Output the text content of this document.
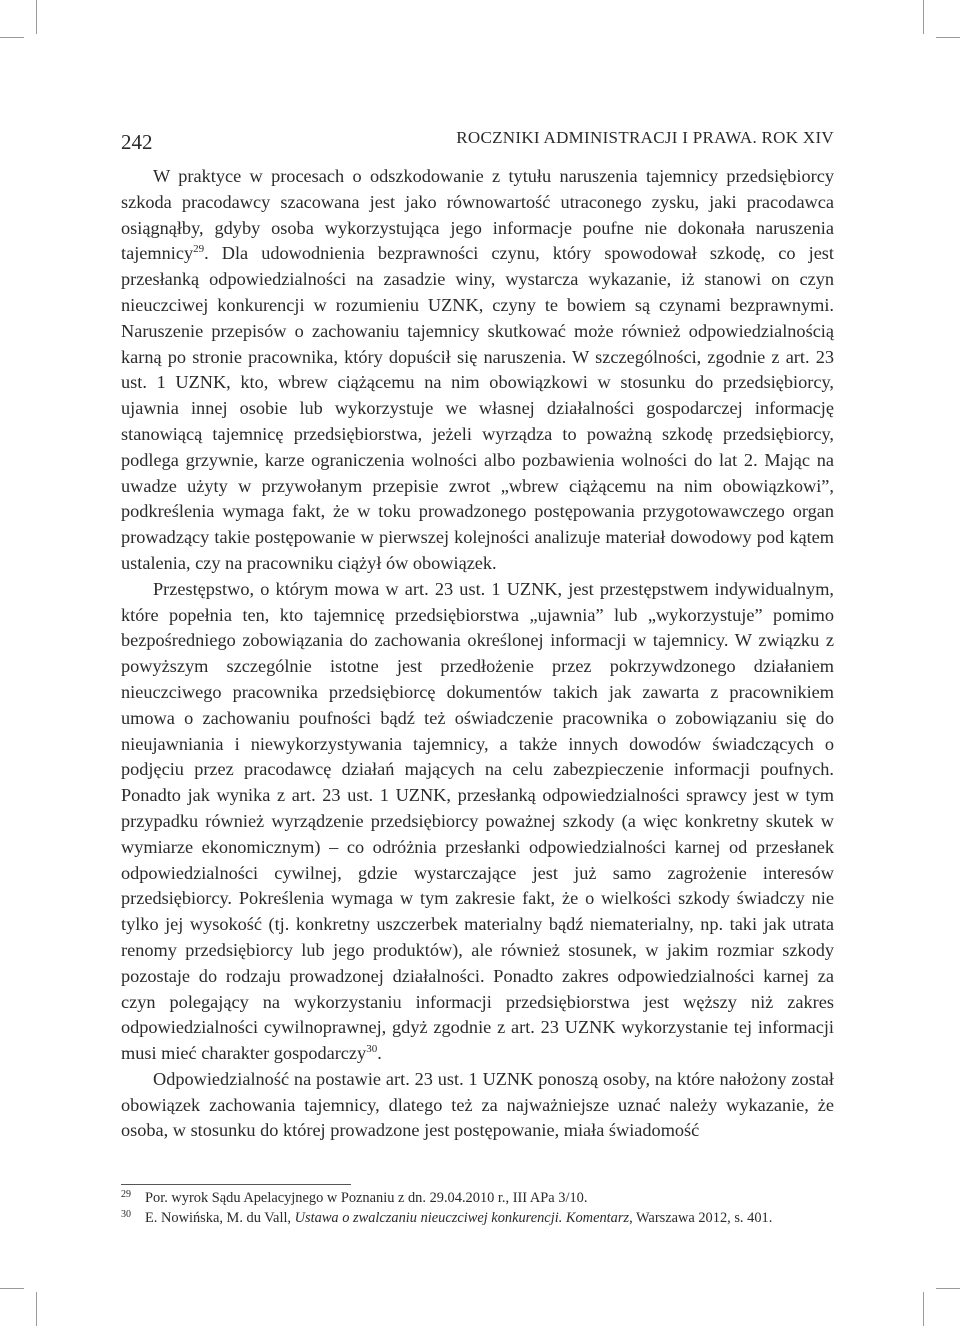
242	ROCZNIKI ADMINISTRACJI I PRAWA. ROK XIV

W praktyce w procesach o odszkodowanie z tytułu naruszenia tajemnicy przedsiębiorcy szkoda pracodawcy szacowana jest jako równowartość utraconego zysku, jaki pracodawca osiągnąłby, gdyby osoba wykorzystująca jego informacje poufne nie dokonała naruszenia tajemnicy$^{29}$. Dla udowodnienia bezprawności czynu, który spowodował szkodę, co jest przesłanką odpowiedzialności na zasadzie winy, wystarcza wykazanie, iż stanowi on czyn nieuczciwej konkurencji w rozumieniu UZNK, czyny te bowiem są czynami bezprawnymi. Naruszenie przepisów o zachowaniu tajemnicy skutkować może również odpowiedzialnością karną po stronie pracownika, który dopuścił się naruszenia. W szczególności, zgodnie z art. 23 ust. 1 UZNK, kto, wbrew ciążącemu na nim obowiązkowi w stosunku do przedsiębiorcy, ujawnia innej osobie lub wykorzystuje we własnej działalności gospodarczej informację stanowiącą tajemnicę przedsiębiorstwa, jeżeli wyrządza to poważną szkodę przedsiębiorcy, podlega grzywnie, karze ograniczenia wolności albo pozbawienia wolności do lat 2. Mając na uwadze użyty w przywołanym przepisie zwrot „wbrew ciążącemu na nim obowiązkowi”, podkreślenia wymaga fakt, że w toku prowadzonego postępowania przygotowawczego organ prowadzący takie postępowanie w pierwszej kolejności analizuje materiał dowodowy pod kątem ustalenia, czy na pracowniku ciążył ów obowiązek.

Przestępstwo, o którym mowa w art. 23 ust. 1 UZNK, jest przestępstwem indywidualnym, które popełnia ten, kto tajemnicę przedsiębiorstwa „ujawnia” lub „wykorzystuje” pomimo bezpośredniego zobowiązania do zachowania określonej informacji w tajemnicy. W związku z powyższym szczególnie istotne jest przedłożenie przez pokrzywdzonego działaniem nieuczciwego pracownika przedsiębiorcę dokumentów takich jak zawarta z pracownikiem umowa o zachowaniu poufności bądź też oświadczenie pracownika o zobowiązaniu się do nieujawniania i niewykorzystywania tajemnicy, a także innych dowodów świadczących o podjęciu przez pracodawcę działań mających na celu zabezpieczenie informacji poufnych. Ponadto jak wynika z art. 23 ust. 1 UZNK, przesłanką odpowiedzialności sprawcy jest w tym przypadku również wyrządzenie przedsiębiorcy poważnej szkody (a więc konkretny skutek w wymiarze ekonomicznym) – co odróżnia przesłanki odpowiedzialności karnej od przesłanek odpowiedzialności cywilnej, gdzie wystarczające jest już samo zagrożenie interesów przedsiębiorcy. Pokreślenia wymaga w tym zakresie fakt, że o wielkości szkody świadczy nie tylko jej wysokość (tj. konkretny uszczerbek materialny bądź niematerialny, np. taki jak utrata renomy przedsiębiorcy lub jego produktów), ale również stosunek, w jakim rozmiar szkody pozostaje do rodzaju prowadzonej działalności. Ponadto zakres odpowiedzialności karnej za czyn polegający na wykorzystaniu informacji przedsiębiorstwa jest węższy niż zakres odpowiedzialności cywilnoprawnej, gdyż zgodnie z art. 23 UZNK wykorzystanie tej informacji musi mieć charakter gospodarczy$^{30}$.

Odpowiedzialność na postawie art. 23 ust. 1 UZNK ponoszą osoby, na które nałożony został obowiązek zachowania tajemnicy, dlatego też za najważniejsze uznać należy wykazanie, że osoba, w stosunku do której prowadzone jest postępowanie, miała świadomość

29 Por. wyrok Sądu Apelacyjnego w Poznaniu z dn. 29.04.2010 r., III APa 3/10.
30 E. Nowińska, M. du Vall, Ustawa o zwalczaniu nieuczciwej konkurencji. Komentarz, Warszawa 2012, s. 401.
